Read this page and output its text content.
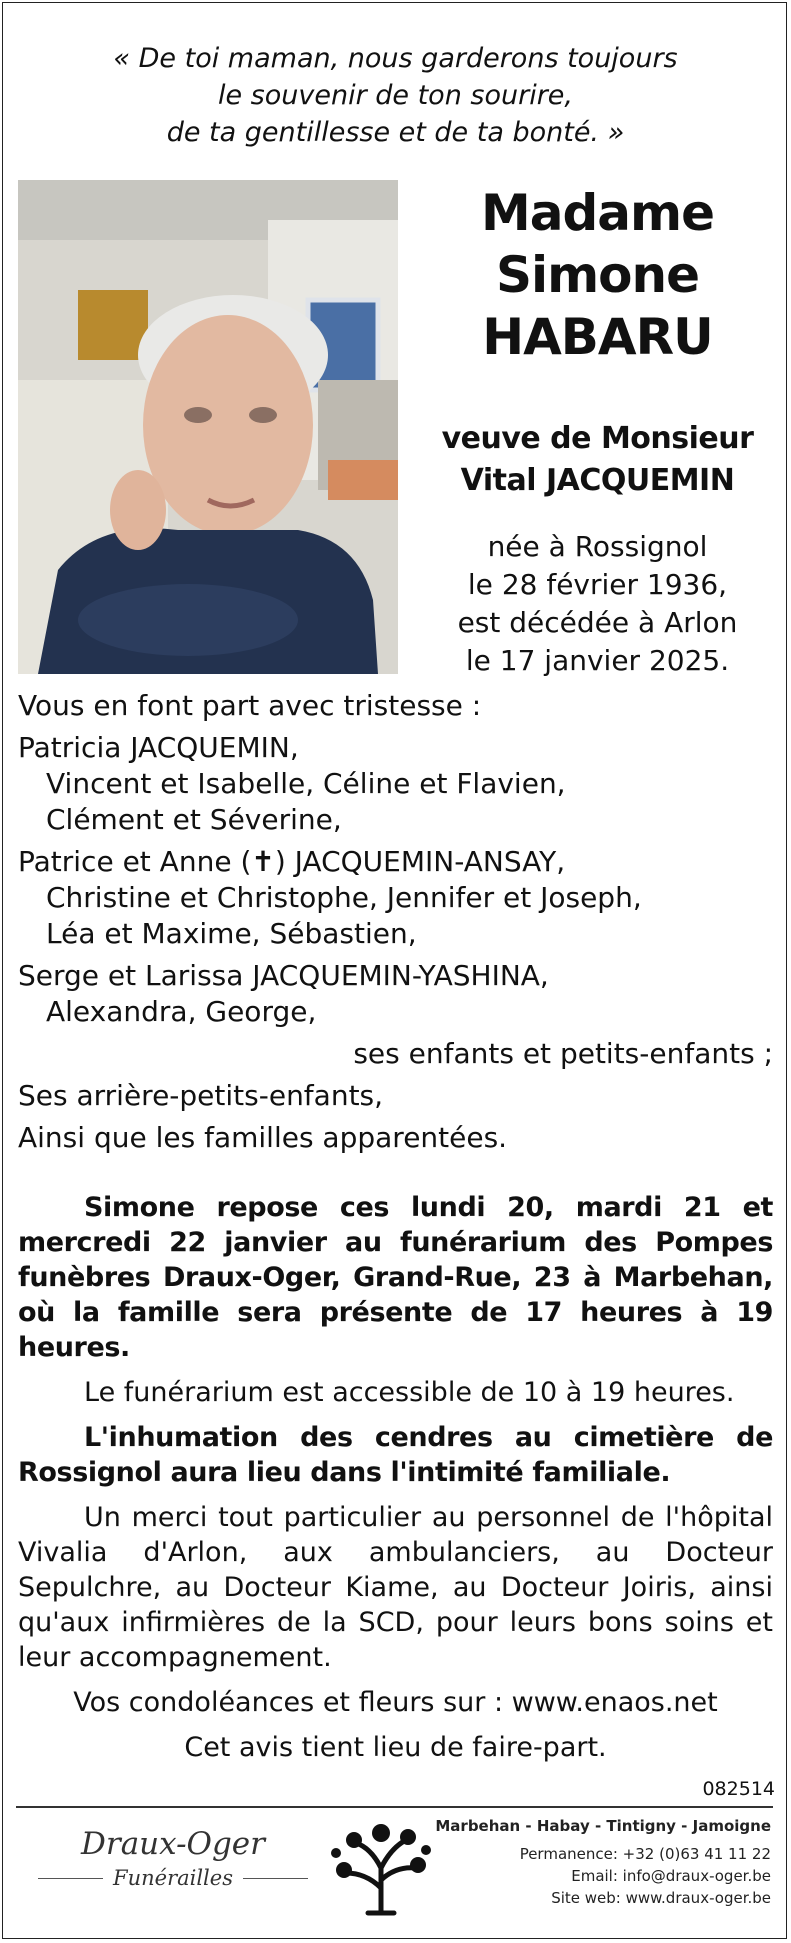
« De toi maman, nous garderons toujours
le souvenir de ton sourire,
de ta gentillesse et de ta bonté. »
Madame
Simone
HABARU
veuve de Monsieur
Vital JACQUEMIN
née à Rossignol
le 28 février 1936,
est décédée à Arlon
le 17 janvier 2025.
Vous en font part avec tristesse :
Patricia JACQUEMIN,
Vincent et Isabelle, Céline et Flavien,
Clément et Séverine,
Patrice et Anne (✝) JACQUEMIN-ANSAY,
Christine et Christophe, Jennifer et Joseph,
Léa et Maxime, Sébastien,
Serge et Larissa JACQUEMIN-YASHINA,
Alexandra, George,
ses enfants et petits-enfants ;
Ses arrière-petits-enfants,
Ainsi que les familles apparentées.

Simone repose ces lundi 20, mardi 21 et mercredi 22 janvier au funérarium des Pompes funèbres Draux-Oger, Grand-Rue, 23 à Marbehan, où la famille sera présente de 17 heures à 19 heures.

Le funérarium est accessible de 10 à 19 heures.

L'inhumation des cendres au cimetière de Rossignol aura lieu dans l'intimité familiale.

Un merci tout particulier au personnel de l'hôpital Vivalia d'Arlon, aux ambulanciers, au Docteur Sepulchre, au Docteur Kiame, au Docteur Joiris, ainsi qu'aux infirmières de la SCD, pour leurs bons soins et leur accompagnement.

Vos condoléances et fleurs sur : www.enaos.net

Cet avis tient lieu de faire-part.

082514
Draux-Oger
Funérailles
Marbehan - Habay - Tintigny - Jamoigne
Permanence: +32 (0)63 41 11 22
Email: info@draux-oger.be
Site web: www.draux-oger.be
